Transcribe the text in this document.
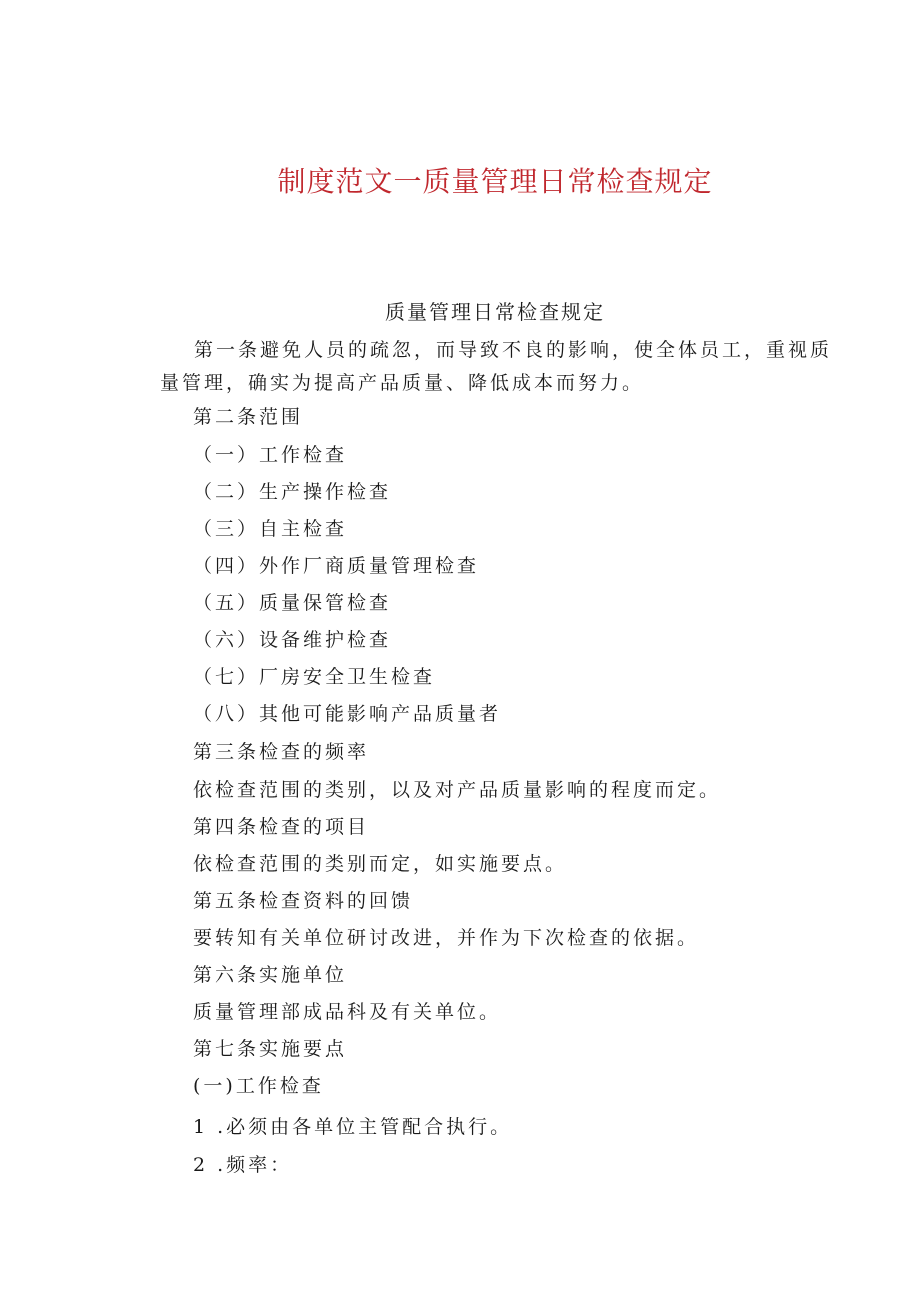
制度范文一质量管理日常检查规定
质量管理日常检查规定
第一条避免人员的疏忽，而导致不良的影响，使全体员工，重视质量管理，确实为提高产品质量、降低成本而努力。
第二条范围
（一）工作检查
（二）生产操作检查
（三）自主检查
（四）外作厂商质量管理检查
（五）质量保管检查
（六）设备维护检查
（七）厂房安全卫生检查
（八）其他可能影响产品质量者
第三条检查的频率
依检查范围的类别，以及对产品质量影响的程度而定。
第四条检查的项目
依检查范围的类别而定，如实施要点。
第五条检查资料的回馈
要转知有关单位研讨改进，并作为下次检查的依据。
第六条实施单位
质量管理部成品科及有关单位。
第七条实施要点
(一)工作检查
1 .必须由各单位主管配合执行。
2 .频率：
